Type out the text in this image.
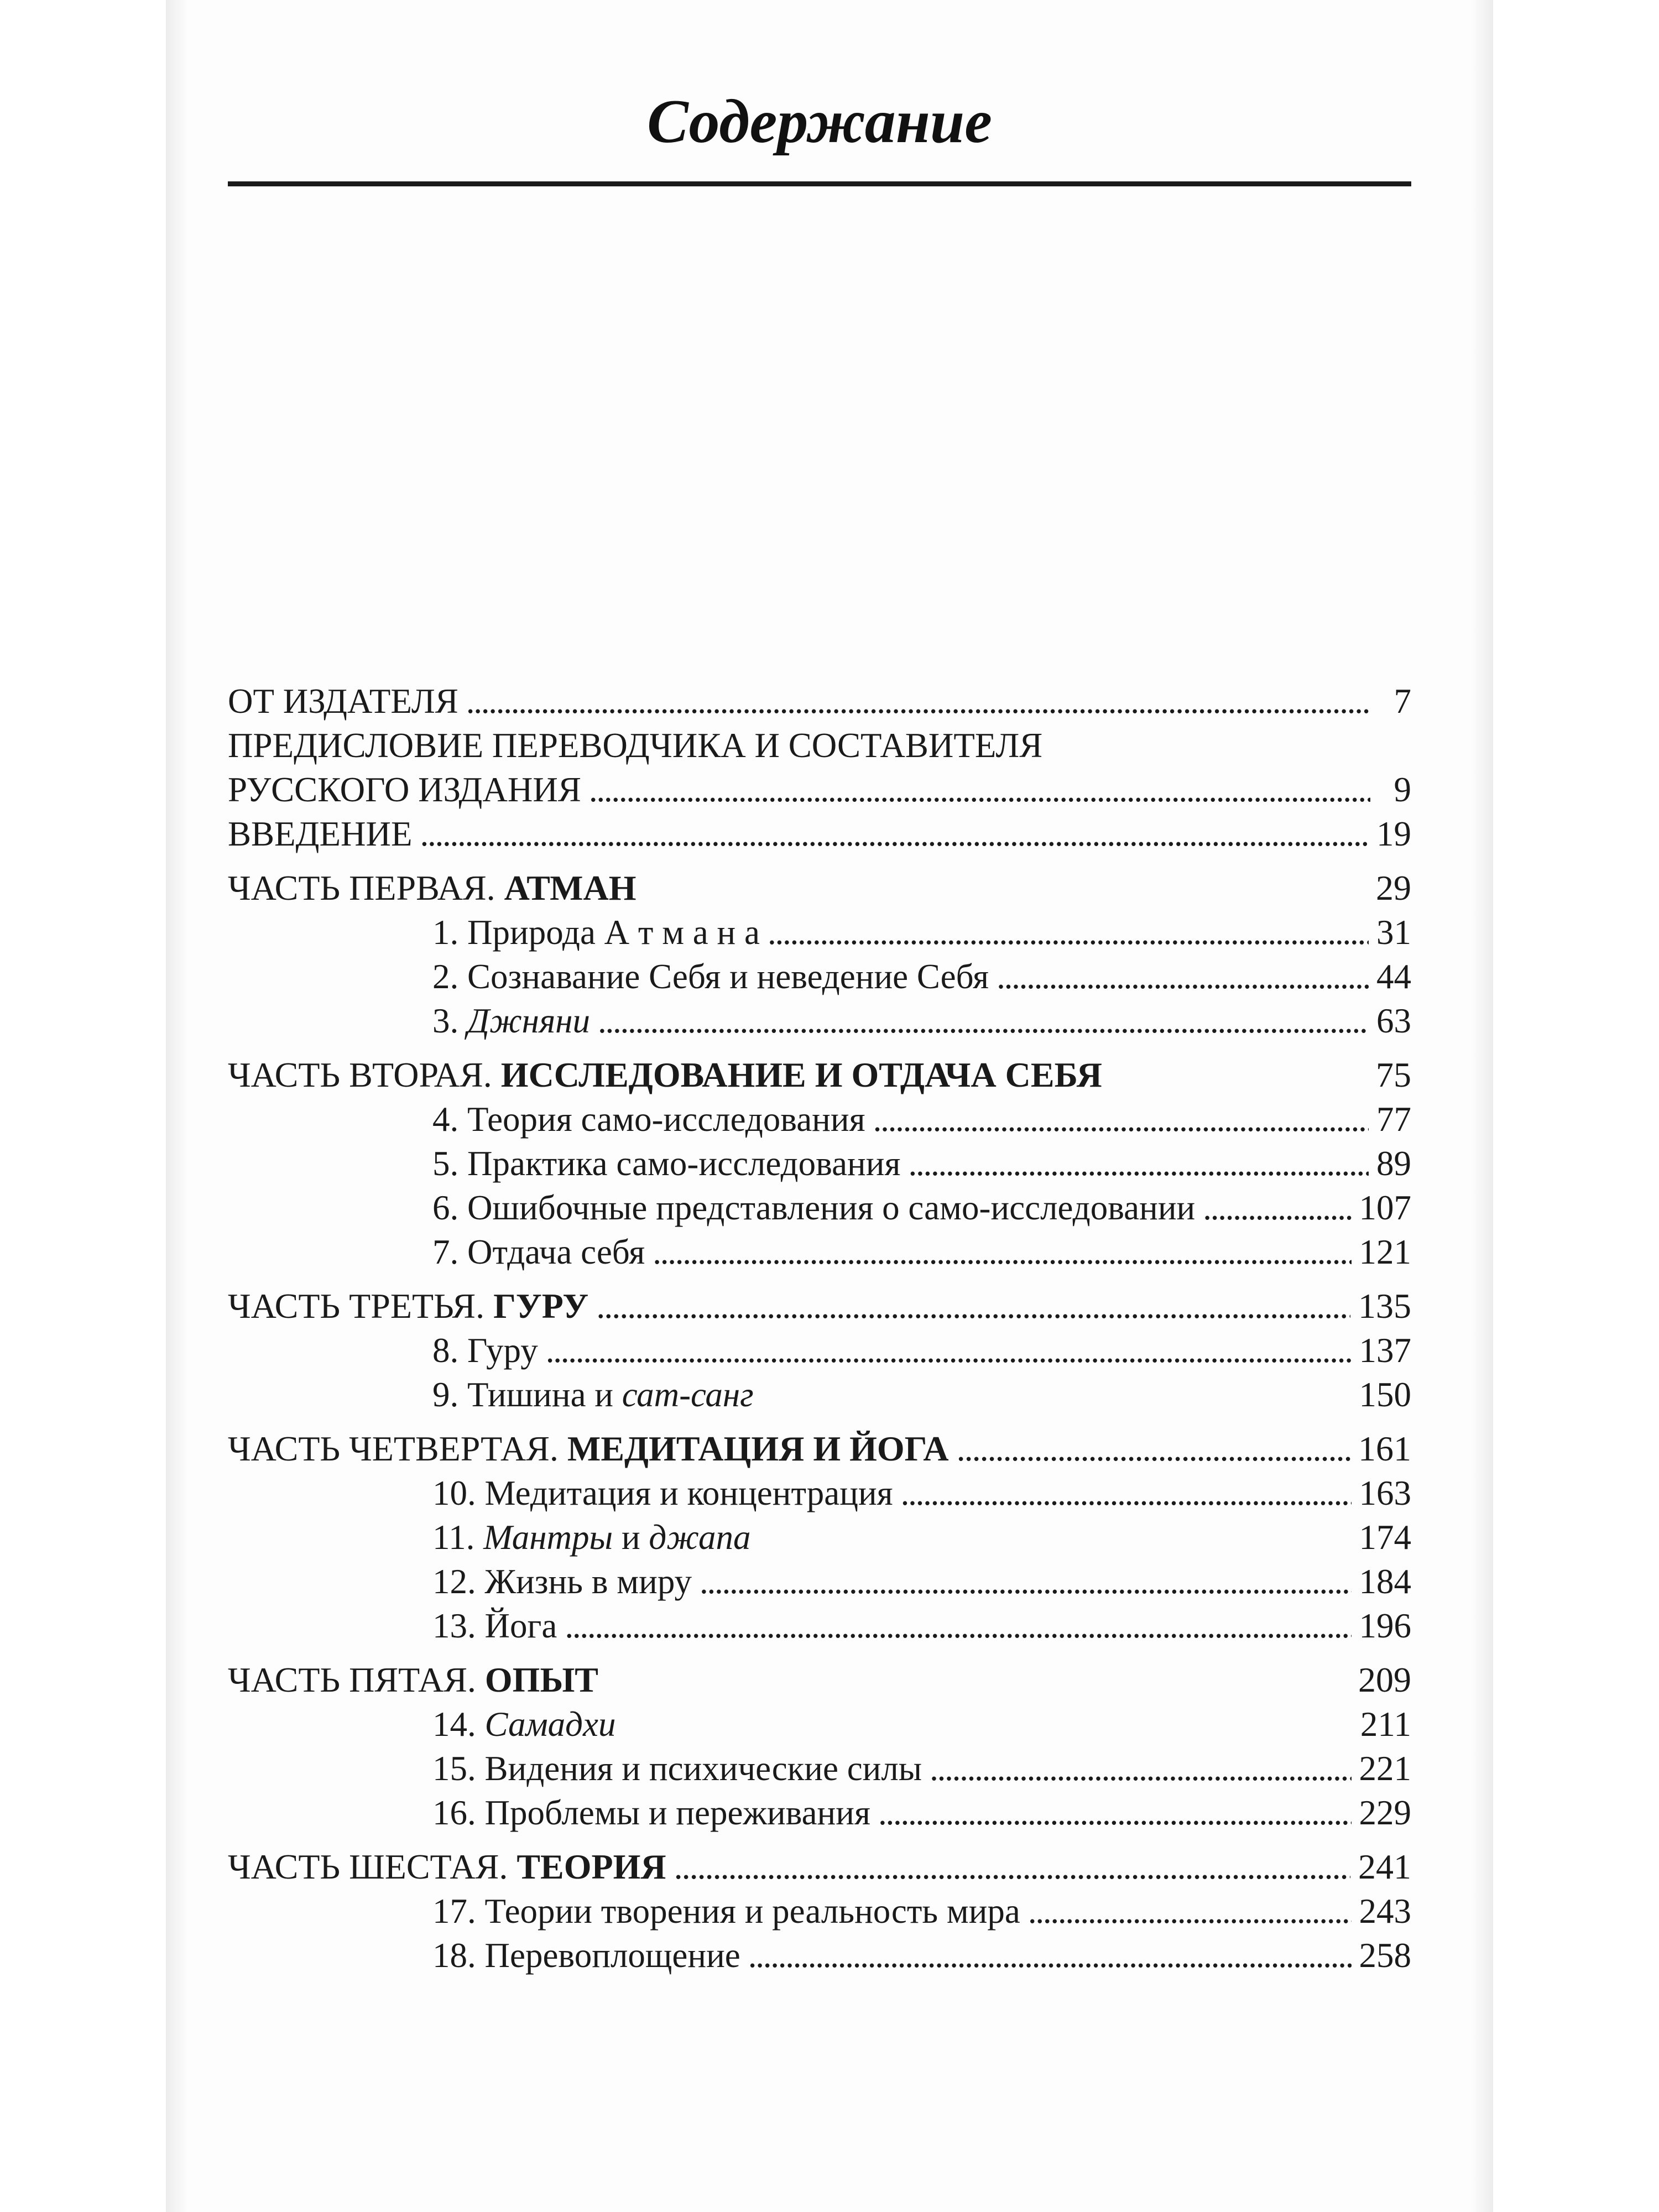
Содержание
ОТ ИЗДАТЕЛЯ . . .	7
ПРЕДИСЛОВИЕ ПЕРЕВОДЧИКА И СОСТАВИТЕЛЯ
РУССКОГО ИЗДАНИЯ . . .	9
ВВЕДЕНИЕ . . .	19
ЧАСТЬ ПЕРВАЯ. АТМАН	29
1. Природа А т м а н а . . .	31
2. Сознавание Себя и неведение Себя . . .	44
3. Джняни . . .	63
ЧАСТЬ ВТОРАЯ. ИССЛЕДОВАНИЕ И ОТДАЧА СЕБЯ	75
4. Теория само-исследования . . .	77
5. Практика само-исследования . . .	89
6. Ошибочные представления о само-исследовании . . .	107
7. Отдача себя . . .	121
ЧАСТЬ ТРЕТЬЯ. ГУРУ . . .	135
8. Гуру . . .	137
9. Тишина и сат-санг	150
ЧАСТЬ ЧЕТВЕРТАЯ. МЕДИТАЦИЯ И ЙОГА . . .	161
10. Медитация и концентрация . . .	163
11. Мантры и джапа	174
12. Жизнь в миру . . .	184
13. Йога . . .	196
ЧАСТЬ ПЯТАЯ. ОПЫТ	209
14. Самадхи	211
15. Видения и психические силы . . .	221
16. Проблемы и переживания . . .	229
ЧАСТЬ ШЕСТАЯ. ТЕОРИЯ . . .	241
17. Теории творения и реальность мира . . .	243
18. Перевоплощение . . .	258
